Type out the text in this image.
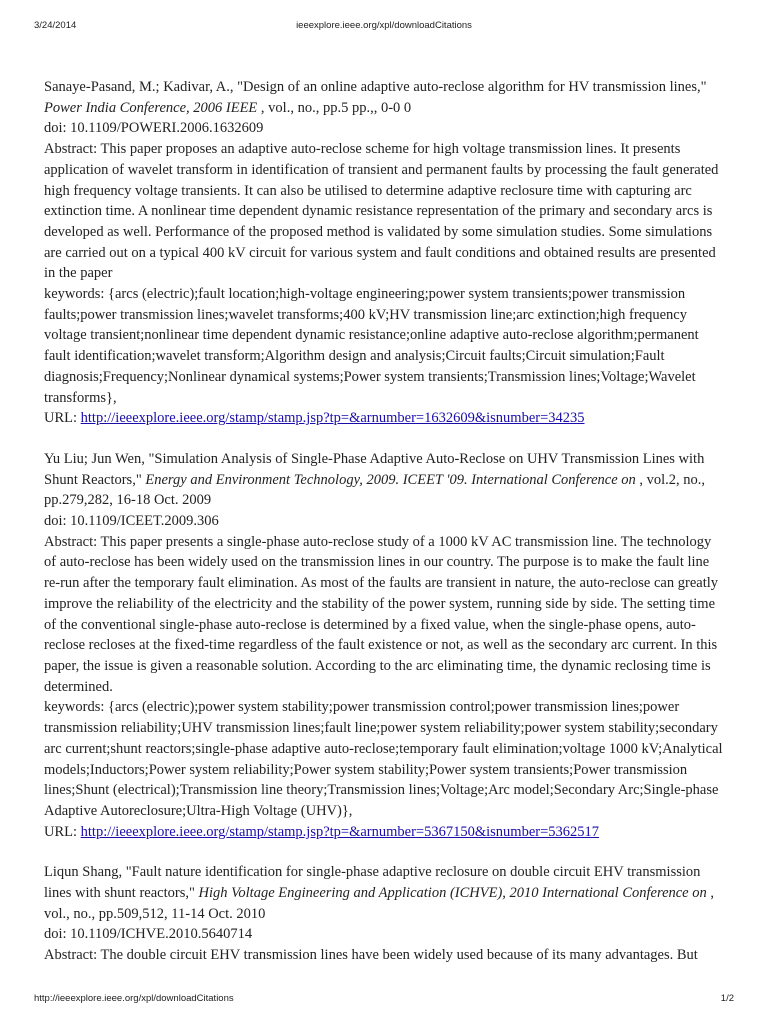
3/24/2014	ieeexplore.ieee.org/xpl/downloadCitations
Sanaye-Pasand, M.; Kadivar, A., "Design of an online adaptive auto-reclose algorithm for HV transmission lines," Power India Conference, 2006 IEEE , vol., no., pp.5 pp.,, 0-0 0
doi: 10.1109/POWERI.2006.1632609
Abstract: This paper proposes an adaptive auto-reclose scheme for high voltage transmission lines. It presents application of wavelet transform in identification of transient and permanent faults by processing the fault generated high frequency voltage transients. It can also be utilised to determine adaptive reclosure time with capturing arc extinction time. A nonlinear time dependent dynamic resistance representation of the primary and secondary arcs is developed as well. Performance of the proposed method is validated by some simulation studies. Some simulations are carried out on a typical 400 kV circuit for various system and fault conditions and obtained results are presented in the paper
keywords: {arcs (electric);fault location;high-voltage engineering;power system transients;power transmission faults;power transmission lines;wavelet transforms;400 kV;HV transmission line;arc extinction;high frequency voltage transient;nonlinear time dependent dynamic resistance;online adaptive auto-reclose algorithm;permanent fault identification;wavelet transform;Algorithm design and analysis;Circuit faults;Circuit simulation;Fault diagnosis;Frequency;Nonlinear dynamical systems;Power system transients;Transmission lines;Voltage;Wavelet transforms},
URL: http://ieeexplore.ieee.org/stamp/stamp.jsp?tp=&arnumber=1632609&isnumber=34235
Yu Liu; Jun Wen, "Simulation Analysis of Single-Phase Adaptive Auto-Reclose on UHV Transmission Lines with Shunt Reactors," Energy and Environment Technology, 2009. ICEET '09. International Conference on , vol.2, no., pp.279,282, 16-18 Oct. 2009
doi: 10.1109/ICEET.2009.306
Abstract: This paper presents a single-phase auto-reclose study of a 1000 kV AC transmission line. The technology of auto-reclose has been widely used on the transmission lines in our country. The purpose is to make the fault line re-run after the temporary fault elimination. As most of the faults are transient in nature, the auto-reclose can greatly improve the reliability of the electricity and the stability of the power system, running side by side. The setting time of the conventional single-phase auto-reclose is determined by a fixed value, when the single-phase opens, auto-reclose recloses at the fixed-time regardless of the fault existence or not, as well as the secondary arc current. In this paper, the issue is given a reasonable solution. According to the arc eliminating time, the dynamic reclosing time is determined.
keywords: {arcs (electric);power system stability;power transmission control;power transmission lines;power transmission reliability;UHV transmission lines;fault line;power system reliability;power system stability;secondary arc current;shunt reactors;single-phase adaptive auto-reclose;temporary fault elimination;voltage 1000 kV;Analytical models;Inductors;Power system reliability;Power system stability;Power system transients;Power transmission lines;Shunt (electrical);Transmission line theory;Transmission lines;Voltage;Arc model;Secondary Arc;Single-phase Adaptive Autoreclosure;Ultra-High Voltage (UHV)},
URL: http://ieeexplore.ieee.org/stamp/stamp.jsp?tp=&arnumber=5367150&isnumber=5362517
Liqun Shang, "Fault nature identification for single-phase adaptive reclosure on double circuit EHV transmission lines with shunt reactors," High Voltage Engineering and Application (ICHVE), 2010 International Conference on , vol., no., pp.509,512, 11-14 Oct. 2010
doi: 10.1109/ICHVE.2010.5640714
Abstract: The double circuit EHV transmission lines have been widely used because of its many advantages. But
http://ieeexplore.ieee.org/xpl/downloadCitations	1/2
